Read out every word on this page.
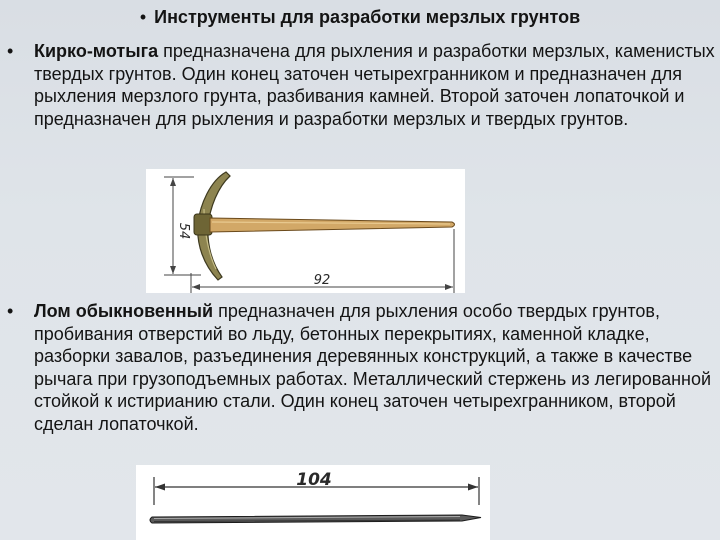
• Инструменты для разработки мерзлых грунтов
• Кирко-мотыга предназначена для рыхления и разработки мерзлых, каменистых твердых грунтов. Один конец заточен четырехгранником и предназначен для рыхления мерзлого грунта, разбивания камней. Второй заточен лопаточкой и предназначен для рыхления и разработки мерзлых и твердых грунтов.
54
92
• Лом обыкновенный предназначен для рыхления особо твердых грунтов, пробивания отверстий во льду, бетонных перекрытиях, каменной кладке, разборки завалов, разъединения деревянных конструкций, а также в качестве рычага при грузоподъемных работах. Металлический стержень из легированной стойкой к истирианию стали. Один конец заточен четырехгранником, второй сделан лопаточкой.
104
